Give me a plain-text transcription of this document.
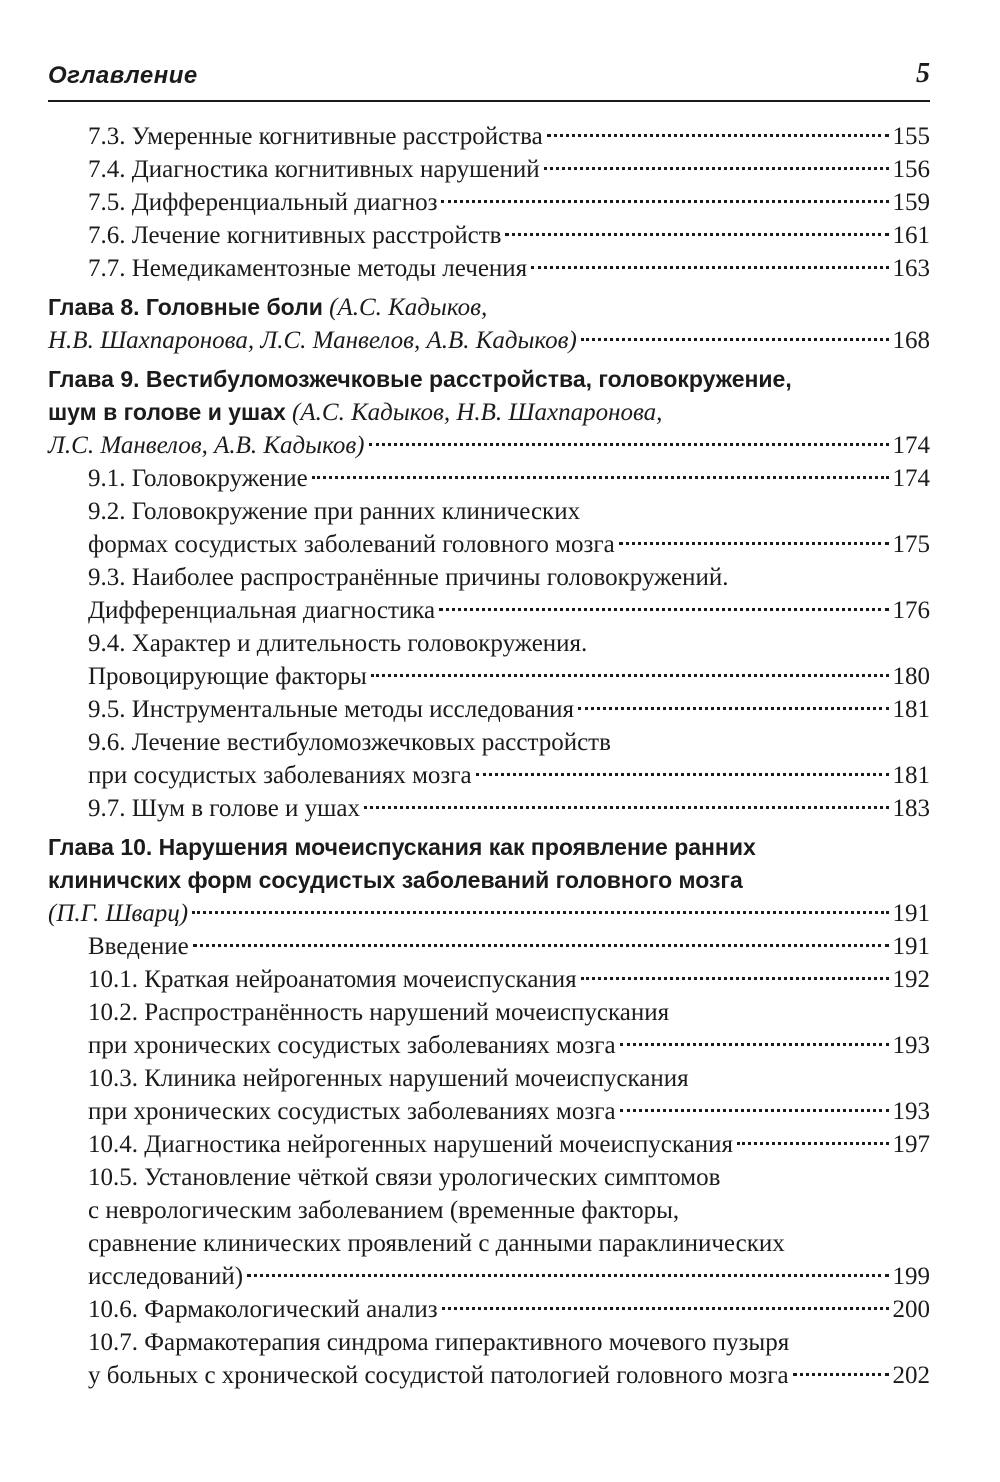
Оглавление	5
7.3. Умеренные когнитивные расстройства	155
7.4. Диагностика когнитивных нарушений	156
7.5. Дифференциальный диагноз	159
7.6. Лечение когнитивных расстройств	161
7.7. Немедикаментозные методы лечения	163
Глава 8. Головные боли (А.С. Кадыков,
Н.В. Шахпаронова, Л.С. Манвелов, А.В. Кадыков)	168
Глава 9. Вестибуломозжечковые расстройства, головокружение,
шум в голове и ушах (А.С. Кадыков, Н.В. Шахпаронова,
Л.С. Манвелов, А.В. Кадыков)	174
9.1. Головокружение	174
9.2. Головокружение при ранних клинических
формах сосудистых заболеваний головного мозга	175
9.3. Наиболее распространённые причины головокружений.
Дифференциальная диагностика	176
9.4. Характер и длительность головокружения.
Провоцирующие факторы	180
9.5. Инструментальные методы исследования	181
9.6. Лечение вестибуломозжечковых расстройств
при сосудистых заболеваниях мозга	181
9.7. Шум в голове и ушах	183
Глава 10. Нарушения мочеиспускания как проявление ранних
клиничских форм сосудистых заболеваний головного мозга
(П.Г. Шварц)	191
Введение	191
10.1. Краткая нейроанатомия мочеиспускания	192
10.2. Распространённость нарушений мочеиспускания
при хронических сосудистых заболеваниях мозга	193
10.3. Клиника нейрогенных нарушений мочеиспускания
при хронических сосудистых заболеваниях мозга	193
10.4. Диагностика нейрогенных нарушений мочеиспускания	197
10.5. Установление чёткой связи урологических симптомов
с неврологическим заболеванием (временные факторы,
сравнение клинических проявлений с данными параклинических
исследований)	199
10.6. Фармакологический анализ	200
10.7. Фармакотерапия синдрома гиперактивного мочевого пузыря
у больных с хронической сосудистой патологией головного мозга	202
